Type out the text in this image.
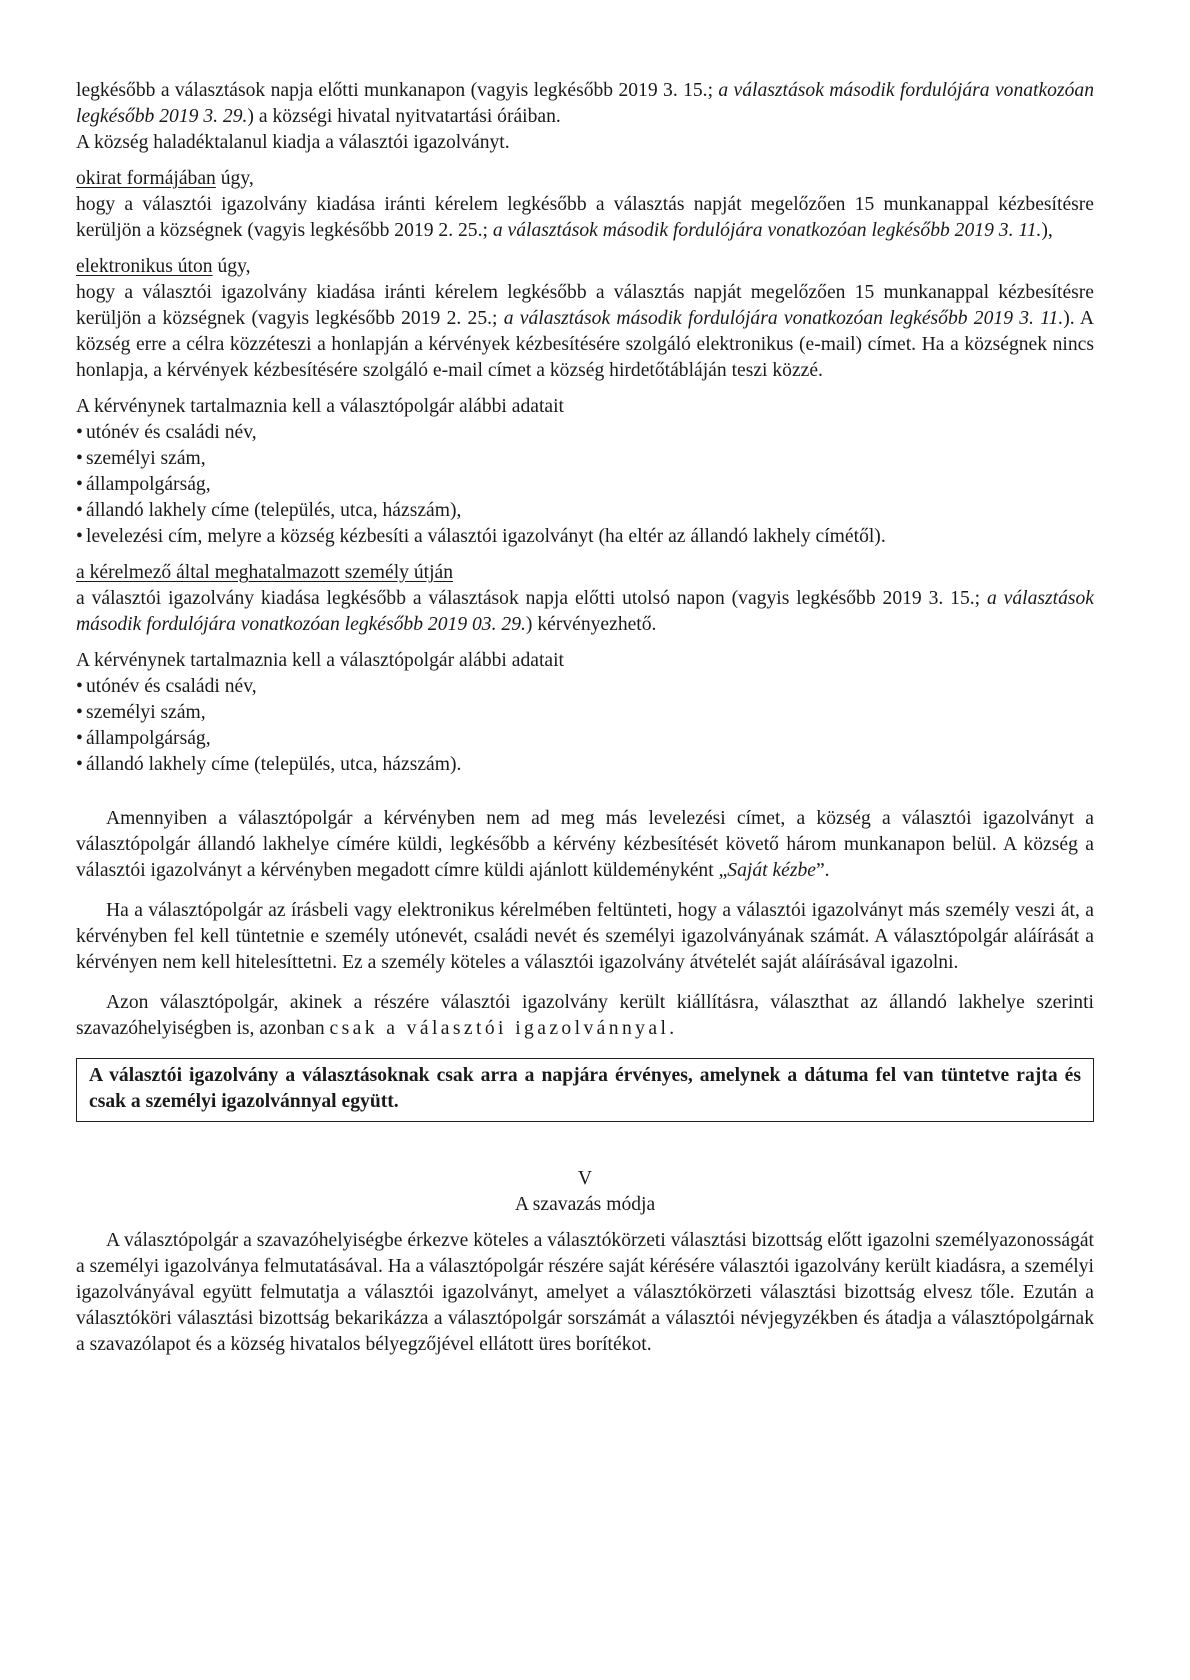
legkésőbb a választások napja előtti munkanapon (vagyis legkésőbb 2019 3. 15.; a választások második fordulójára vonatkozóan legkésőbb 2019 3. 29.) a községi hivatal nyitvatartási óráiban.

A község haladéktalanul kiadja a választói igazolványt.

okirat formájában úgy,

hogy a választói igazolvány kiadása iránti kérelem legkésőbb a választás napját megelőzően 15 munkanappal kézbesítésre kerüljön a községnek (vagyis legkésőbb 2019 2. 25.; a választások második fordulójára vonatkozóan legkésőbb 2019 3. 11.),

elektronikus úton úgy,

hogy a választói igazolvány kiadása iránti kérelem legkésőbb a választás napját megelőzően 15 munkanappal kézbesítésre kerüljön a községnek (vagyis legkésőbb 2019 2. 25.; a választások második fordulójára vonatkozóan legkésőbb 2019 3. 11.). A község erre a célra közzéteszi a honlapján a kérvények kézbesítésére szolgáló elektronikus (e-mail) címet. Ha a községnek nincs honlapja, a kérvények kézbesítésére szolgáló e-mail címet a község hirdetőtábláján teszi közzé.

A kérvénynek tartalmaznia kell a választópolgár alábbi adatait

• utónév és családi név,
• személyi szám,
• állampolgárság,
• állandó lakhely címe (település, utca, házszám),
• levelezési cím, melyre a község kézbesíti a választói igazolványt (ha eltér az állandó lakhely címétől).

a kérelmező által meghatalmazott személy útján

a választói igazolvány kiadása legkésőbb a választások napja előtti utolsó napon (vagyis legkésőbb 2019 3. 15.; a választások második fordulójára vonatkozóan legkésőbb 2019 03. 29.) kérvényezhető.

A kérvénynek tartalmaznia kell a választópolgár alábbi adatait

• utónév és családi név,
• személyi szám,
• állampolgárság,
• állandó lakhely címe (település, utca, házszám).

Amennyiben a választópolgár a kérvényben nem ad meg más levelezési címet, a község a választói igazolványt a választópolgár állandó lakhelye címére küldi, legkésőbb a kérvény kézbesítését követő három munkanapon belül. A község a választói igazolványt a kérvényben megadott címre küldi ajánlott küldeményként „Saját kézbe”.

Ha a választópolgár az írásbeli vagy elektronikus kérelmében feltünteti, hogy a választói igazolványt más személy veszi át, a kérvényben fel kell tüntetnie e személy utónevét, családi nevét és személyi igazolványának számát. A választópolgár aláírását a kérvényen nem kell hitelesíttetni. Ez a személy köteles a választói igazolvány átvételét saját aláírásával igazolni.

Azon választópolgár, akinek a részére választói igazolvány került kiállításra, választhat az állandó lakhelye szerinti szavazóhelyiségben is, azonban csak a választói igazolvánnyal.

A választói igazolvány a választásoknak csak arra a napjára érvényes, amelynek a dátuma fel van tüntetve rajta és csak a személyi igazolvánnyal együtt.

V

A szavazás módja

A választópolgár a szavazóhelyiségbe érkezve köteles a választókörzeti választási bizottság előtt igazolni személyazonosságát a személyi igazolványa felmutatásával. Ha a választópolgár részére saját kérésére választói igazolvány került kiadásra, a személyi igazolványával együtt felmutatja a választói igazolványt, amelyet a választókörzeti választási bizottság elvesz tőle. Ezután a választóköri választási bizottság bekarikázza a választópolgár sorszámát a választói névjegyzékben és átadja a választópolgárnak a szavazólapot és a község hivatalos bélyegzőjével ellátott üres borítékot.
